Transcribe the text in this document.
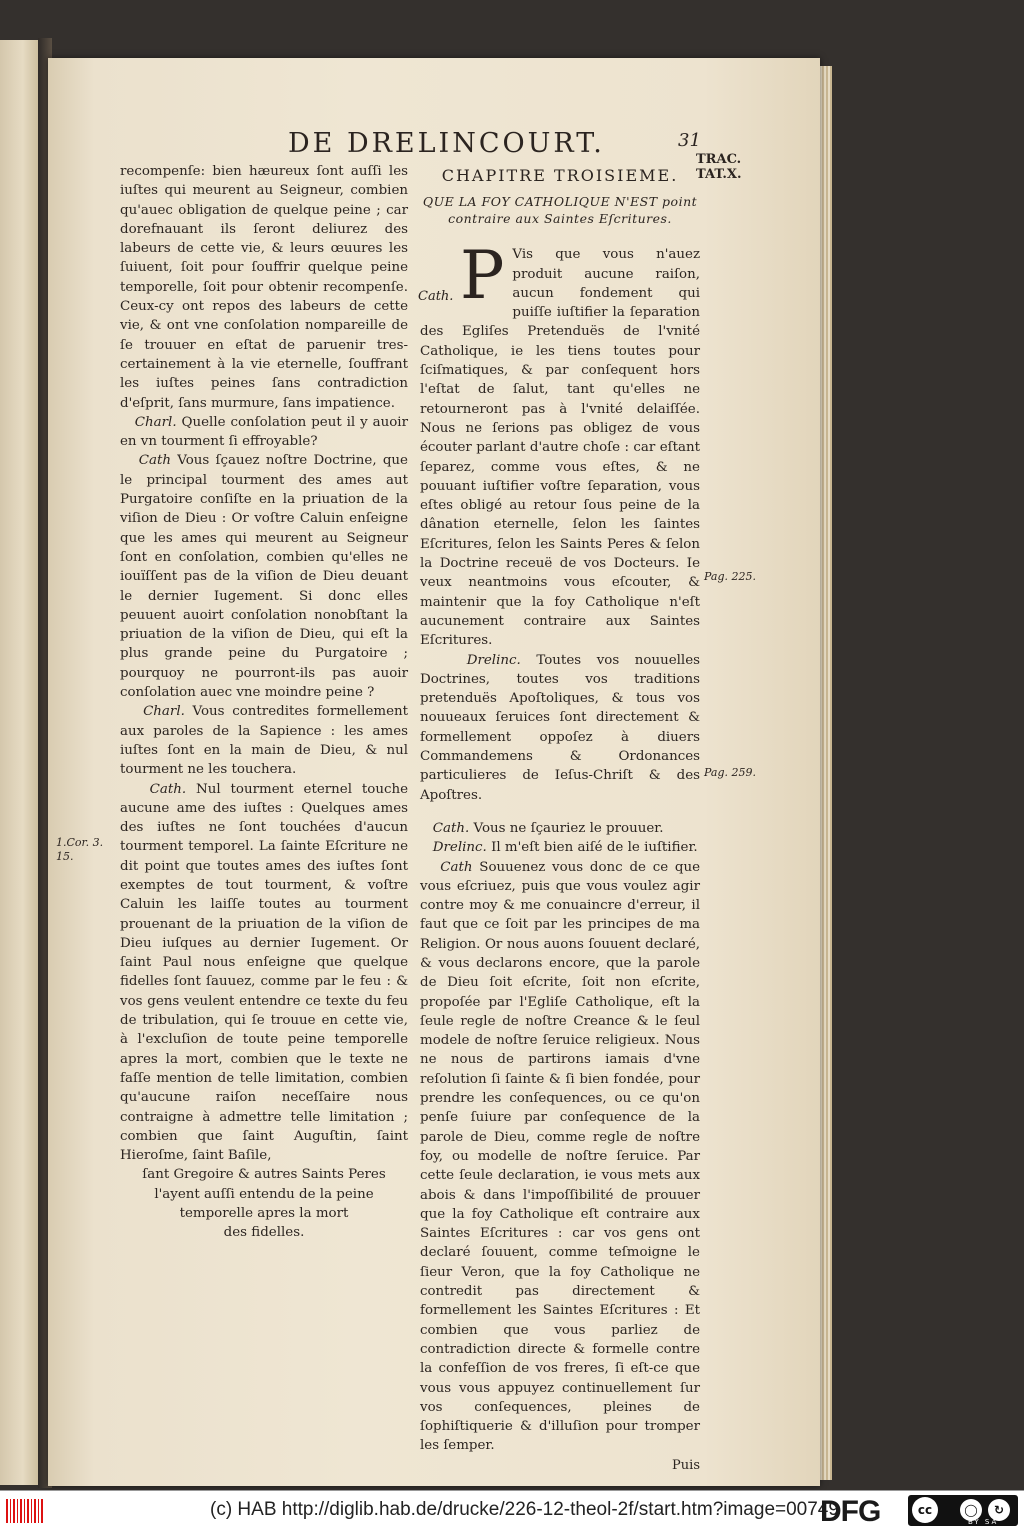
DE DRELINCOURT.	31
TRAC.
TAT.X.

recompenſe: bien hæureux ſont auſſi les iuſtes qui meurent au Seigneur, combien qu'auec obligation de quelque peine ; car dorefnauant ils ſeront deliurez des labeurs de cette vie, & leurs œuures les ſuiuent, ſoit pour ſouffrir quelque peine temporelle, ſoit pour obtenir recompenſe. Ceux-cy ont repos des labeurs de cette vie, & ont vne conſolation nompareille de ſe trouuer en eſtat de paruenir tres-certainement à la vie eternelle, ſouffrant les iuſtes peines ſans contradiction d'eſprit, ſans murmure, ſans impatience.

Charl. Quelle conſolation peut il y auoir en vn tourment ſi effroyable?

Cath Vous ſçauez noſtre Doctrine, que le principal tourment des ames aut Purgatoire conſiſte en la priuation de la viſion de Dieu : Or voſtre Caluin enſeigne que les ames qui meurent au Seigneur ſont en conſolation, combien qu'elles ne iouïſſent pas de la viſion de Dieu deuant le dernier Iugement. Si donc elles peuuent auoirt conſolation nonobſtant la priuation de la viſion de Dieu, qui eſt la plus grande peine du Purgatoire ; pourquoy ne pourront-ils pas auoir conſolation auec vne moindre peine ?

Charl. Vous contredites formellement aux paroles de la Sapience : les ames iuſtes ſont en la main de Dieu, & nul tourment ne les touchera.

Cath. Nul tourment eternel touche aucune ame des iuſtes : Quelques ames des iuſtes ne ſont touchées d'aucun tourment temporel. La ſainte Eſcriture ne dit point que toutes ames des iuſtes ſont exemptes de tout tourment, & voſtre Caluin les laiſſe toutes au tourment prouenant de la priuation de la viſion de Dieu iuſques au dernier Iugement. Or ſaint Paul nous enſeigne que quelque fidelles ſont ſauuez, comme par le feu : & vos gens veulent entendre ce texte du feu de tribulation, qui ſe trouue en cette vie, à l'excluſion de toute peine temporelle apres la mort, combien que le texte ne faſſe mention de telle limitation, combien qu'aucune raiſon neceſſaire nous contraigne à admettre telle limitation ; combien que ſaint Auguſtin, ſaint Hieroſme, ſaint Baſile,

ſant Gregoire & autres Saints Peres
l'ayent auſſi entendu de la peine
temporelle apres la mort
des fidelles.
1.Cor. 3.
15.
CHAPITRE TROISIEME.
QUE LA FOY CATHOLIQUE N'EST point contraire aux Saintes Eſcritures.

P Vis que vous n'auez produit aucune raiſon, aucun fondement qui puiſſe iuſtifier la ſeparation des Egliſes Pretenduës de l'vnité Catholique, ie les tiens toutes pour ſciſmatiques, & par conſequent hors l'eſtat de ſalut, tant qu'elles ne retourneront pas à l'vnité delaiſſée. Nous ne ſerions pas obligez de vous écouter parlant d'autre choſe : car eſtant ſeparez, comme vous eſtes, & ne pouuant iuſtifier voſtre ſeparation, vous eſtes obligé au retour ſous peine de la dânation eternelle, ſelon les ſaintes Eſcritures, ſelon les Saints Peres & ſelon la Doctrine receuë de vos Docteurs. Ie veux neantmoins vous eſcouter, & maintenir que la foy Catholique n'eſt aucunement contraire aux Saintes Eſcritures.

Drelinc. Toutes vos nouuelles Doctrines, toutes vos traditions pretenduës Apoſtoliques, & tous vos nouueaux ſeruices ſont directement & formellement oppoſez à diuers Commandemens & Ordonances particulieres de Ieſus-Chriſt & des Apoſtres.

Cath. Vous ne ſçauriez le prouuer.

Drelinc. Il m'eſt bien aiſé de le iuſtifier.

Cath Souuenez vous donc de ce que vous eſcriuez, puis que vous voulez agir contre moy & me conuaincre d'erreur, il faut que ce ſoit par les principes de ma Religion. Or nous auons ſouuent declaré, & vous declarons encore, que la parole de Dieu ſoit eſcrite, ſoit non eſcrite, propoſée par l'Egliſe Catholique, eſt la ſeule regle de noſtre Creance & le ſeul modele de noſtre ſeruice religieux. Nous ne nous de partirons iamais d'vne reſolution ſi ſainte & ſi bien fondée, pour prendre les conſequences, ou ce qu'on penſe ſuiure par conſequence de la parole de Dieu, comme regle de noſtre foy, ou modelle de noſtre ſeruice. Par cette ſeule declaration, ie vous mets aux abois & dans l'impoſſibilité de prouuer que la foy Catholique eſt contraire aux Saintes Eſcritures : car vos gens ont declaré ſouuent, comme teſmoigne le ſieur Veron, que la foy Catholique ne contredit pas directement & formellement les Saintes Eſcritures : Et combien que vous parliez de contradiction directe & formelle contre la confeſſion de vos freres, ſi eſt-ce que vous vous appuyez continuellement ſur vos conſequences, pleines de ſophiſtiquerie & d'illuſion pour tromper les ſemper.

Puis
Cath.
Pag. 225.
Pag. 259.
(c) HAB http://diglib.hab.de/drucke/226-12-theol-2f/start.htm?image=00749
DFG	cc	◯	↻
BY SA
